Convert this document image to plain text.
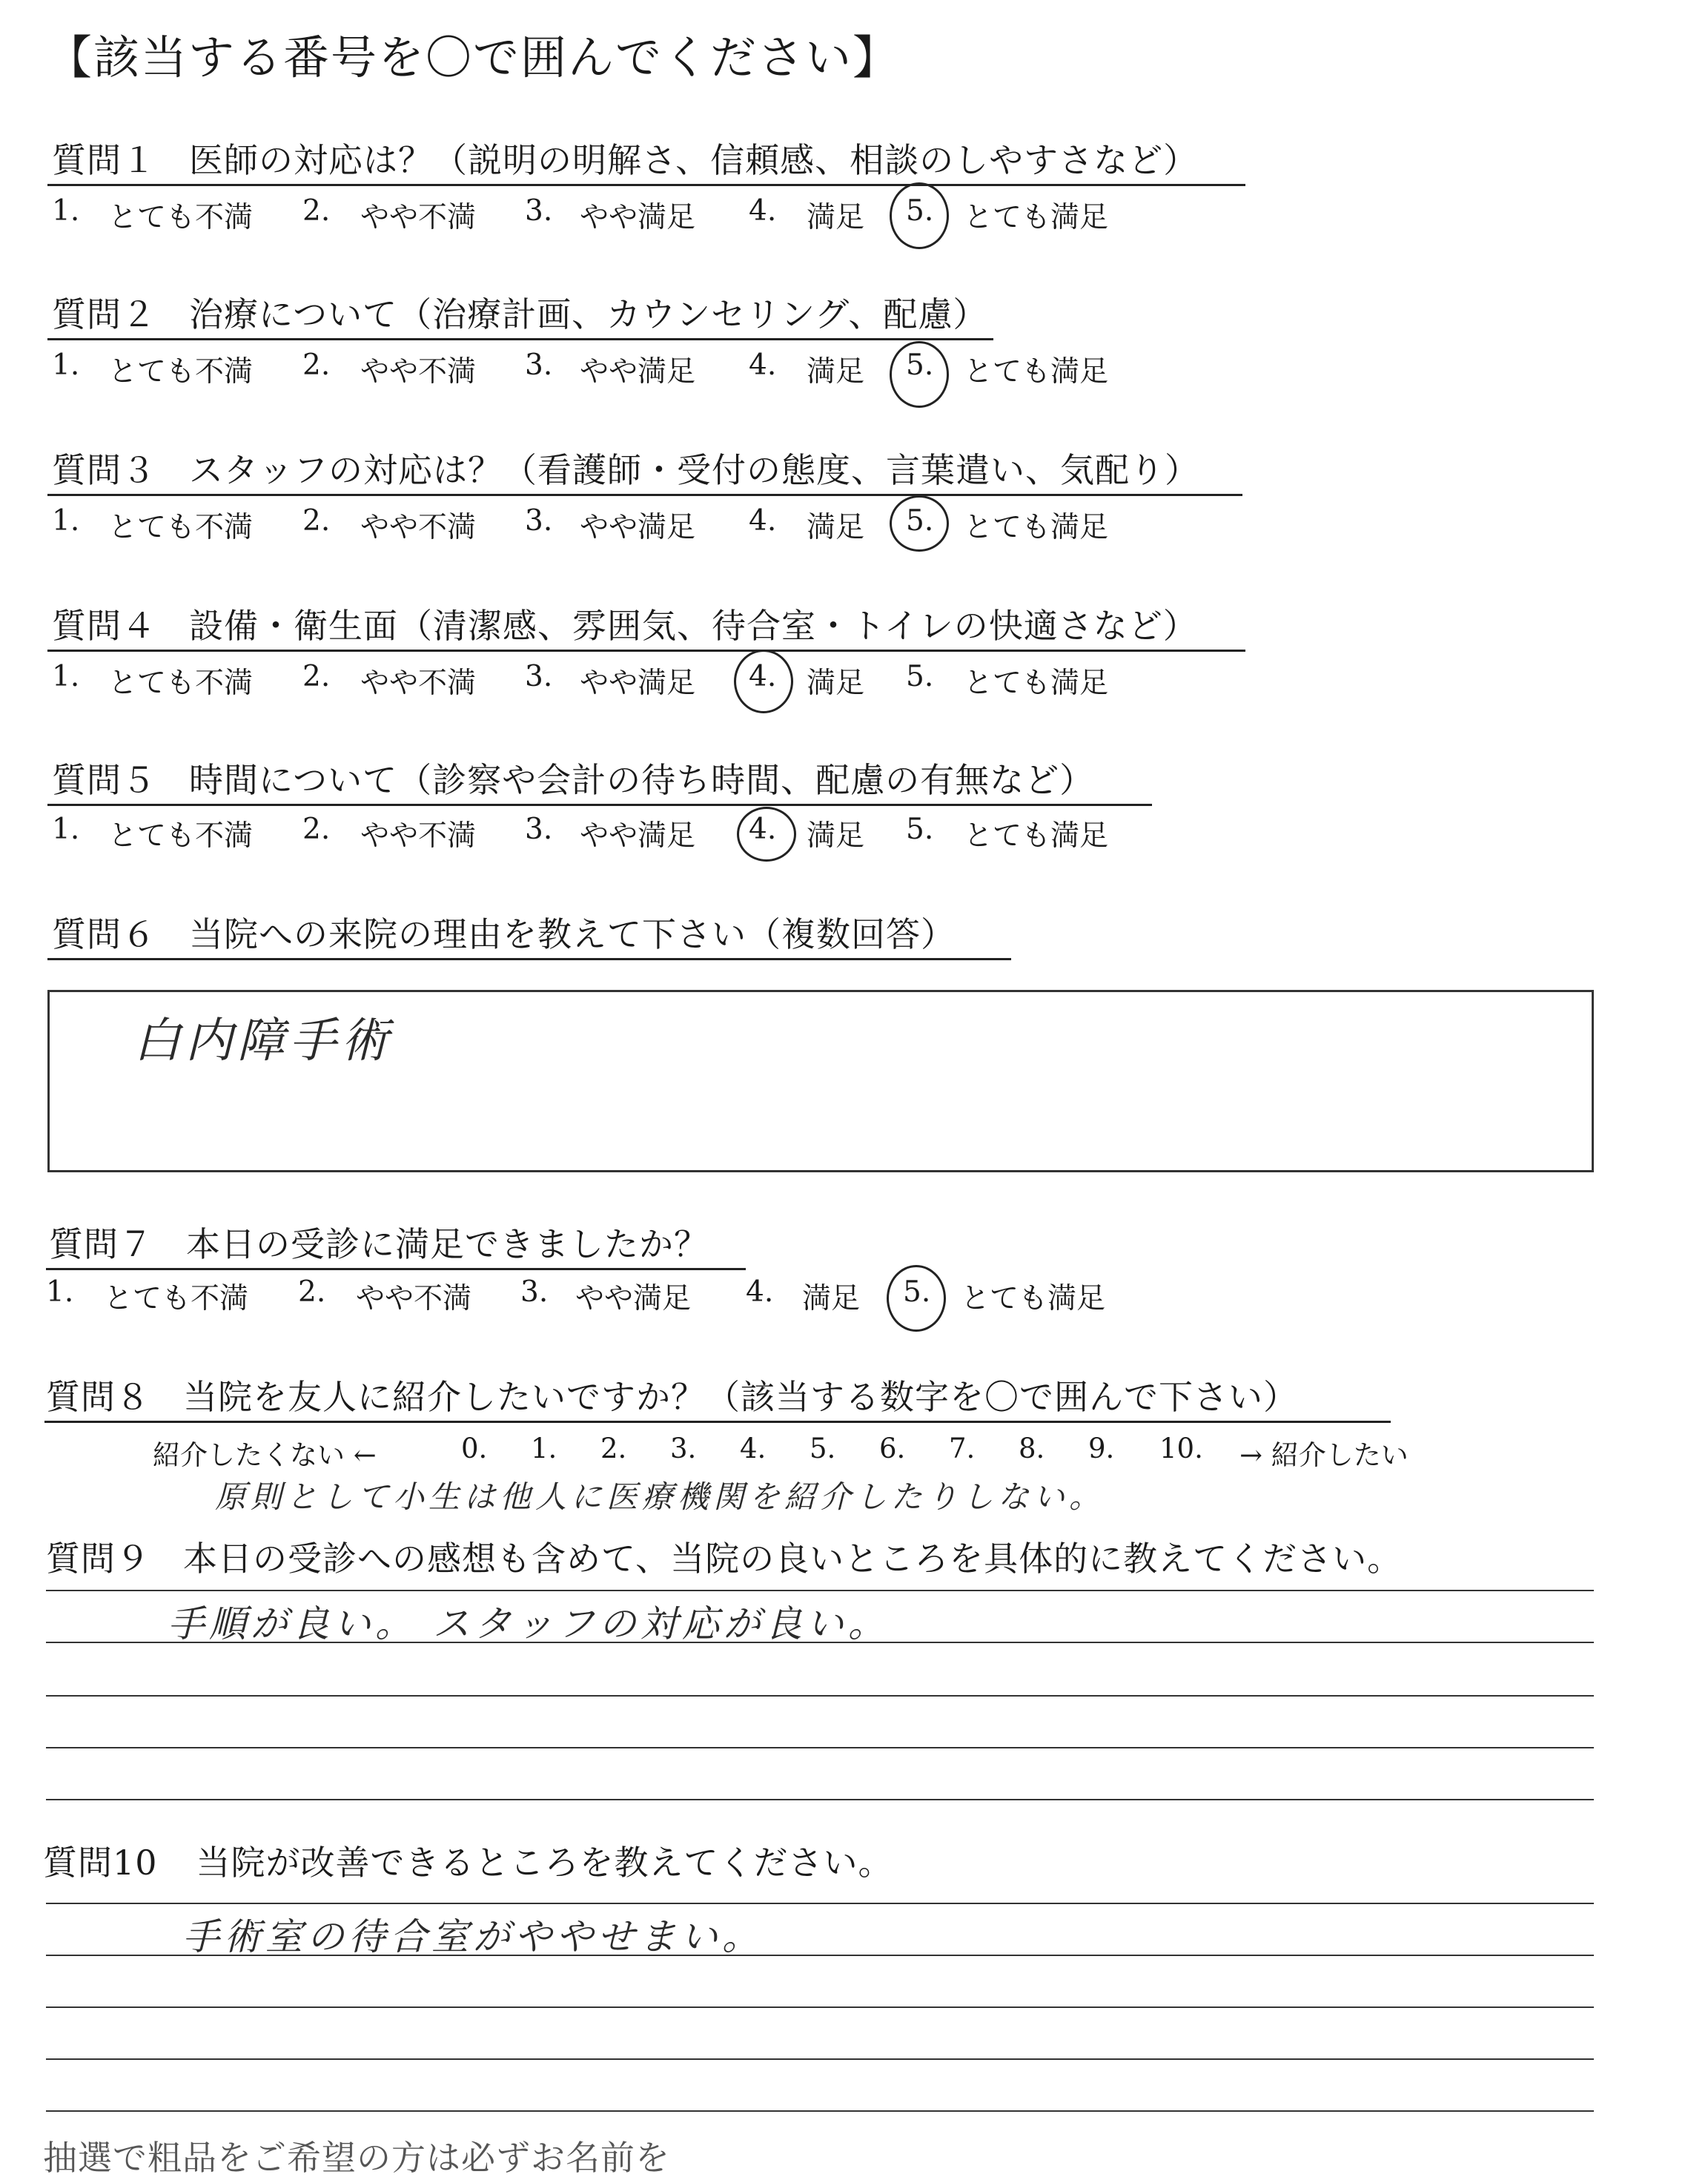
【該当する番号を〇で囲んでください】
質問１ 医師の対応は？（説明の明解さ、信頼感、相談のしやすさなど）
1. とても不満 2. やや不満 3. やや満足 4. 満足 5. とても満足
質問２ 治療について（治療計画、カウンセリング、配慮）
1. とても不満 2. やや不満 3. やや満足 4. 満足 5. とても満足
質問３ スタッフの対応は？（看護師・受付の態度、言葉遣い、気配り）
1. とても不満 2. やや不満 3. やや満足 4. 満足 5. とても満足
質問４ 設備・衛生面（清潔感、雰囲気、待合室・トイレの快適さなど）
1. とても不満 2. やや不満 3. やや満足 4. 満足 5. とても満足
質問５ 時間について（診察や会計の待ち時間、配慮の有無など）
1. とても不満 2. やや不満 3. やや満足 4. 満足 5. とても満足
質問６ 当院への来院の理由を教えて下さい（複数回答）
白内障手術
質問７ 本日の受診に満足できましたか？
1. とても不満 2. やや不満 3. やや満足 4. 満足 5. とても満足
質問８ 当院を友人に紹介したいですか？（該当する数字を〇で囲んで下さい）
紹介したくない ←	0. 1. 2. 3. 4. 5. 6. 7. 8. 9. 10. → 紹介したい
原則として小生は他人に医療機関を紹介したりしない。
質問９ 本日の受診への感想も含めて、当院の良いところを具体的に教えてください。
手順が良い。 スタッフの対応が良い。
質問10 当院が改善できるところを教えてください。
手術室の待合室がややせまい。
抽選で粗品をご希望の方は必ずお名前を
